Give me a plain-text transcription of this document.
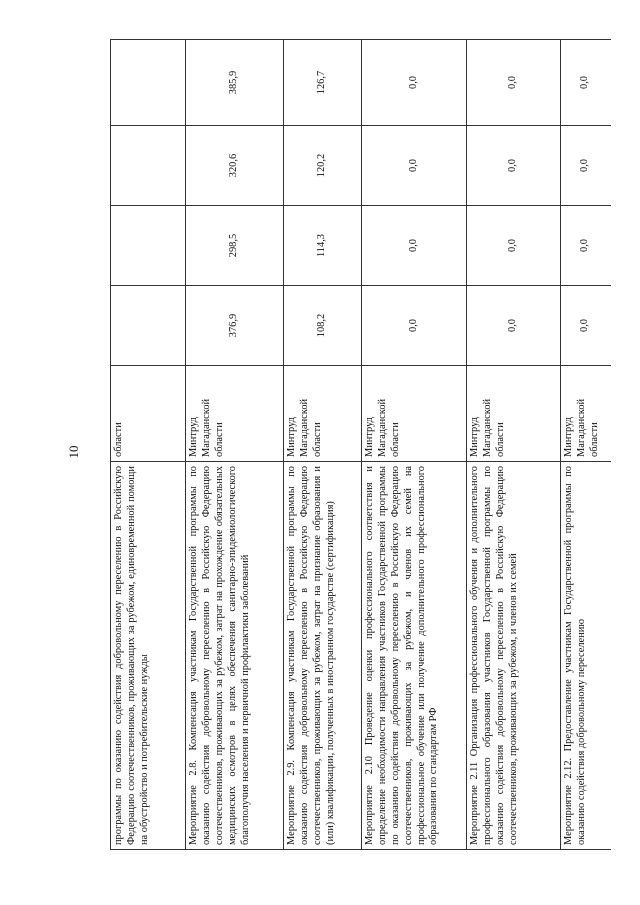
10
программы по оказанию содействия добровольному переселению в Российскую Федерацию соотечественников, проживающих за рубежом, единовременной помощи на обустройство и потребительские нужды	области				
Мероприятие 2.8. Компенсация участникам Государственной программы по оказанию содействия добровольному переселению в Российскую Федерацию соотечественников, проживающих за рубежом, затрат на прохождение обязательных медицинских осмотров в целях обеспечения санитарно-эпидемиологического благополучия населения и первичной профилактики заболеваний	Минтруд Магаданской области	376,9	298,5	320,6	385,9
Мероприятие 2.9. Компенсация участникам Государственной программы по оказанию содействия добровольному переселению в Российскую Федерацию соотечественников, проживающих за рубежом, затрат на признание образования и (или) квалификации, полученных в иностранном государстве (сертификация)	Минтруд Магаданской области	108,2	114,3	120,2	126,7
Мероприятие 2.10 Проведение оценки профессионального соответствия и определение необходимости направления участников Государственной программы по оказанию содействия добровольному переселению в Российскую Федерацию соотечественников, проживающих за рубежом, и членов их семей на профессиональное обучение или получение дополнительного профессионального образования по стандартам РФ	Минтруд Магаданской области	0,0	0,0	0,0	0,0
Мероприятие 2.11 Организация профессионального обучения и дополнительного профессионального образования участников Государственной программы по оказанию содействия добровольному переселению в Российскую Федерацию соотечественников, проживающих за рубежом, и членов их семей	Минтруд Магаданской области	0,0	0,0	0,0	0,0
Мероприятие 2.12. Предоставление участникам Государственной программы по оказанию содействия добровольному переселению	Минтруд Магаданской области	0,0	0,0	0,0	0,0
